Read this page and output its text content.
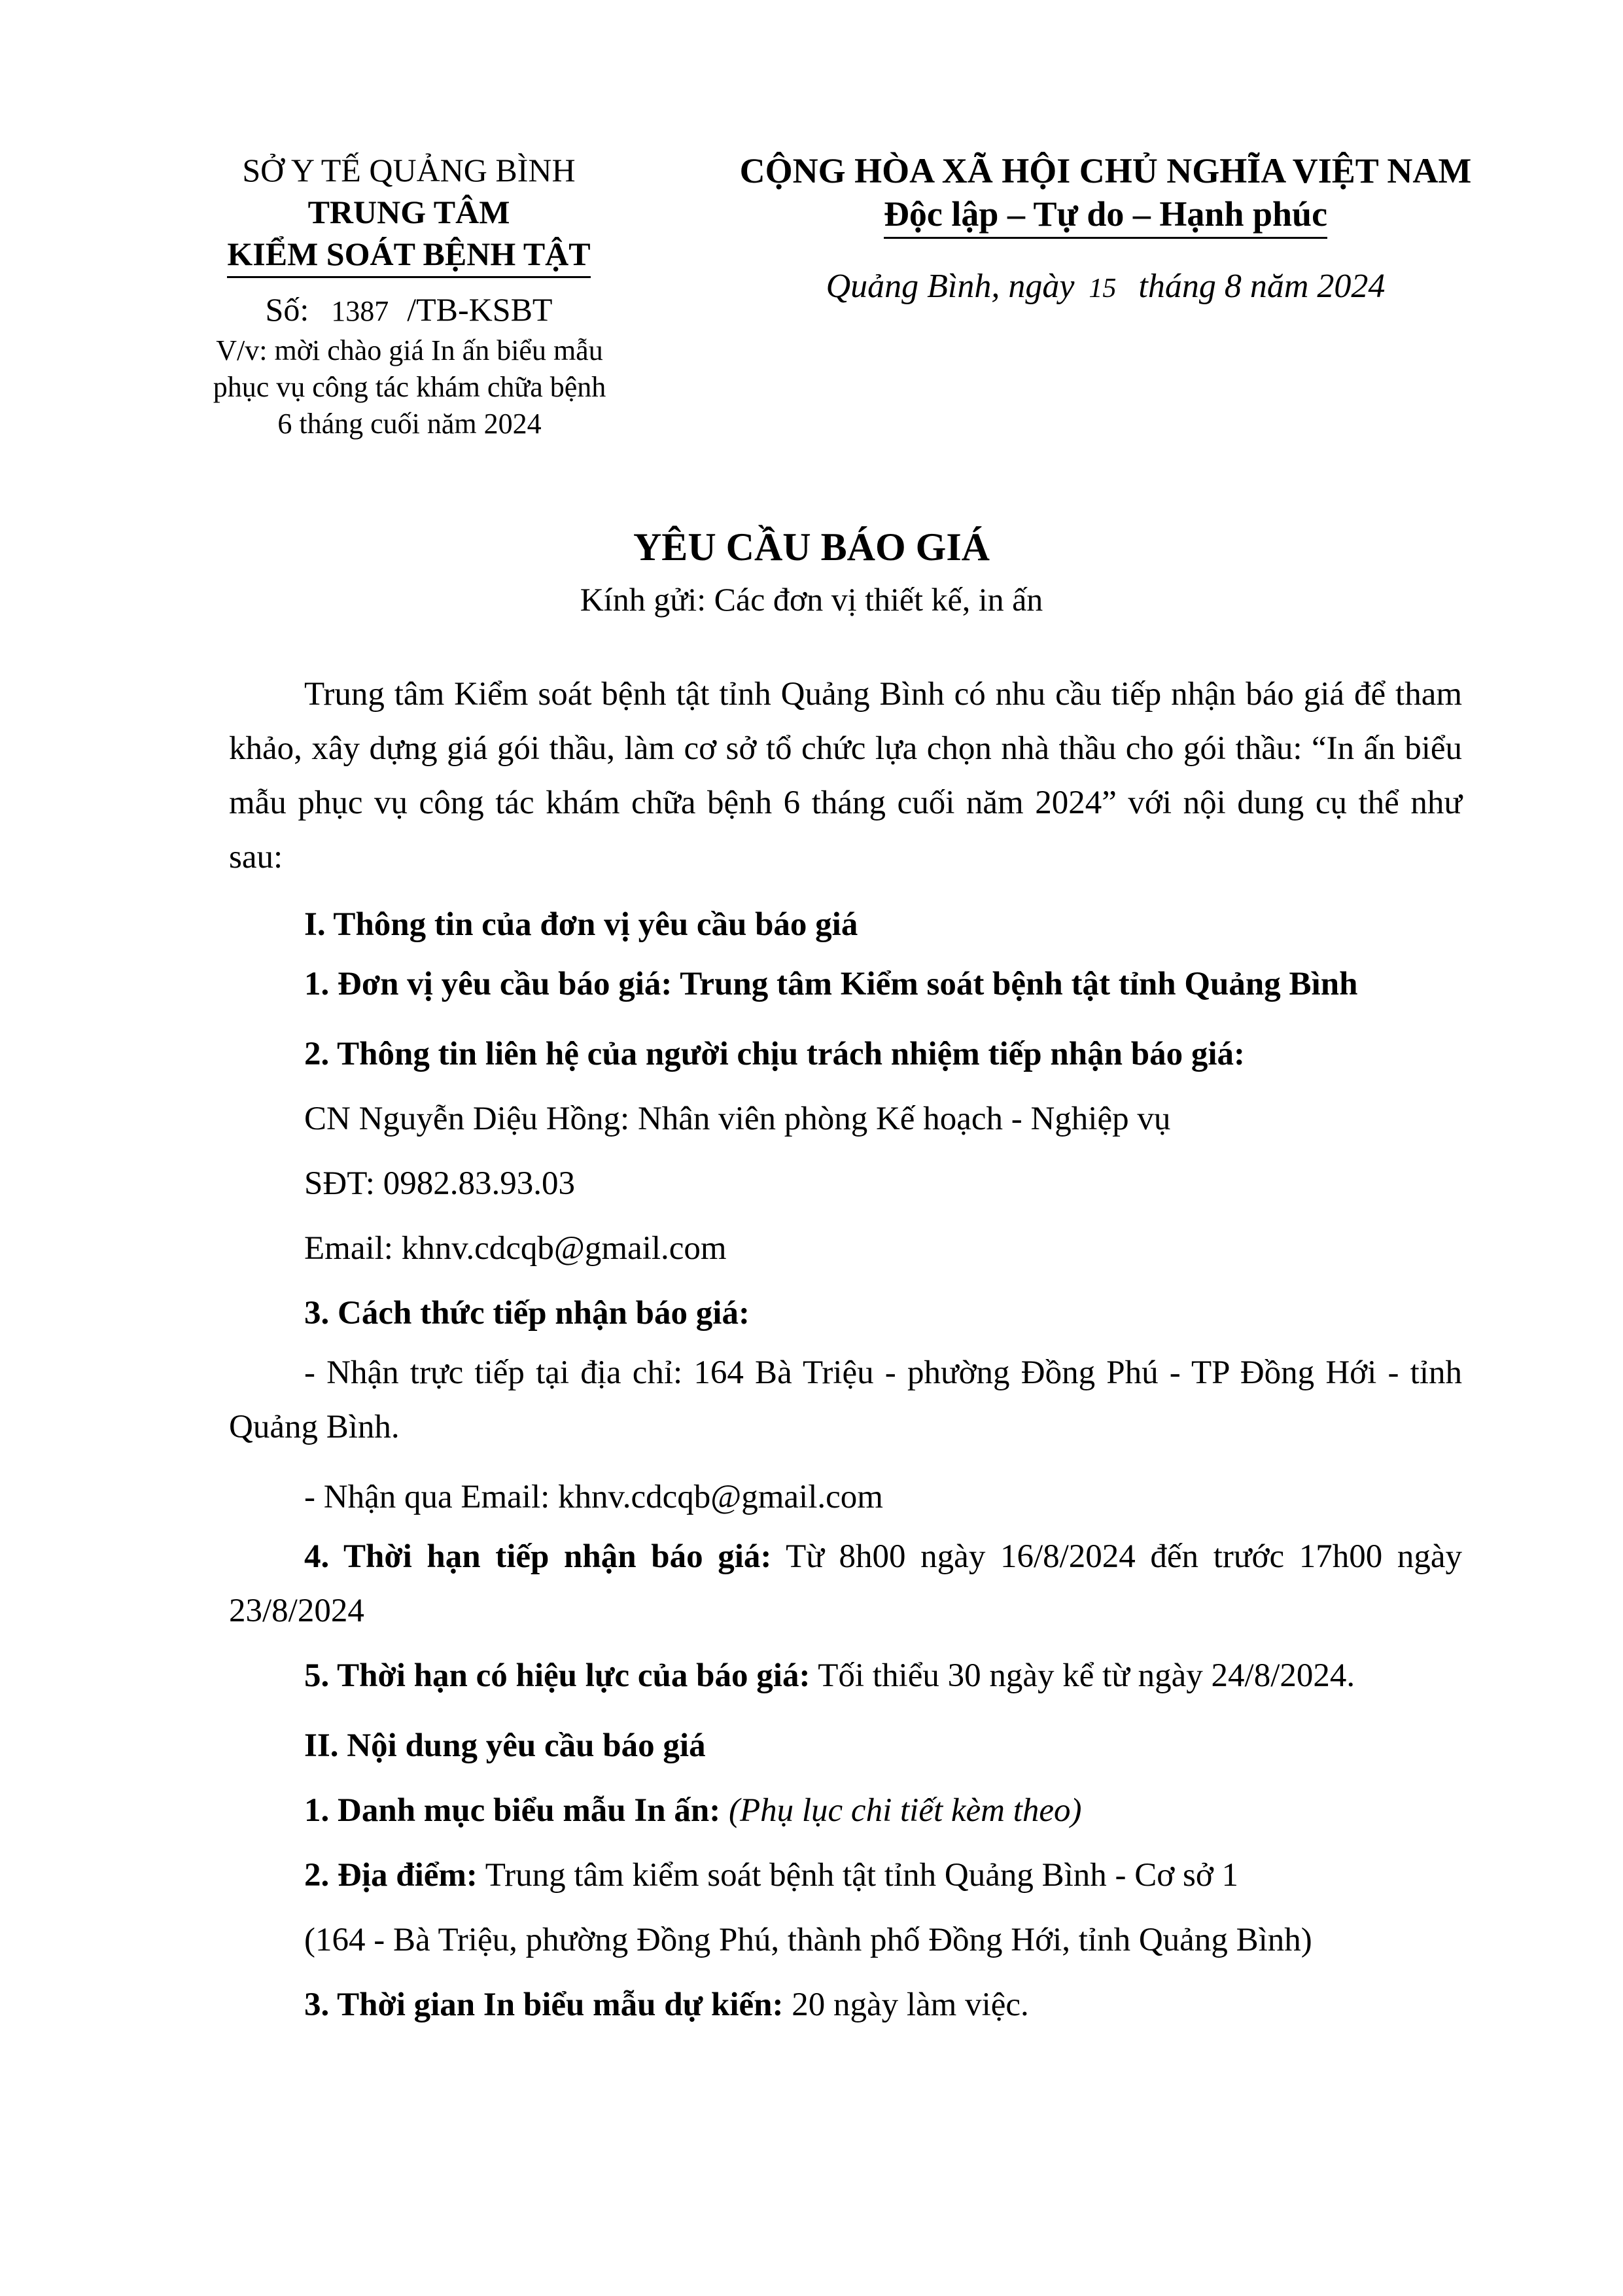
SỞ Y TẾ QUẢNG BÌNH
TRUNG TÂM
KIỂM SOÁT BỆNH TẬT
Số: 1387 /TB-KSBT
V/v: mời chào giá In ấn biểu mẫu phục vụ công tác khám chữa bệnh 6 tháng cuối năm 2024
CỘNG HÒA XÃ HỘI CHỦ NGHĨA VIỆT NAM
Độc lập – Tự do – Hạnh phúc
Quảng Bình, ngày 15 tháng 8 năm 2024
YÊU CẦU BÁO GIÁ
Kính gửi: Các đơn vị thiết kế, in ấn

Trung tâm Kiểm soát bệnh tật tỉnh Quảng Bình có nhu cầu tiếp nhận báo giá để tham khảo, xây dựng giá gói thầu, làm cơ sở tổ chức lựa chọn nhà thầu cho gói thầu: “In ấn biểu mẫu phục vụ công tác khám chữa bệnh 6 tháng cuối năm 2024” với nội dung cụ thể như sau:

I. Thông tin của đơn vị yêu cầu báo giá

1. Đơn vị yêu cầu báo giá: Trung tâm Kiểm soát bệnh tật tỉnh Quảng Bình

2. Thông tin liên hệ của người chịu trách nhiệm tiếp nhận báo giá:

CN Nguyễn Diệu Hồng: Nhân viên phòng Kế hoạch - Nghiệp vụ

SĐT: 0982.83.93.03

Email: khnv.cdcqb@gmail.com

3. Cách thức tiếp nhận báo giá:

- Nhận trực tiếp tại địa chỉ: 164 Bà Triệu - phường Đồng Phú - TP Đồng Hới - tỉnh Quảng Bình.

- Nhận qua Email: khnv.cdcqb@gmail.com

4. Thời hạn tiếp nhận báo giá: Từ 8h00 ngày 16/8/2024 đến trước 17h00 ngày 23/8/2024

5. Thời hạn có hiệu lực của báo giá: Tối thiểu 30 ngày kể từ ngày 24/8/2024.

II. Nội dung yêu cầu báo giá

1. Danh mục biểu mẫu In ấn: (Phụ lục chi tiết kèm theo)

2. Địa điểm: Trung tâm kiểm soát bệnh tật tỉnh Quảng Bình - Cơ sở 1

(164 - Bà Triệu, phường Đồng Phú, thành phố Đồng Hới, tỉnh Quảng Bình)

3. Thời gian In biểu mẫu dự kiến: 20 ngày làm việc.
